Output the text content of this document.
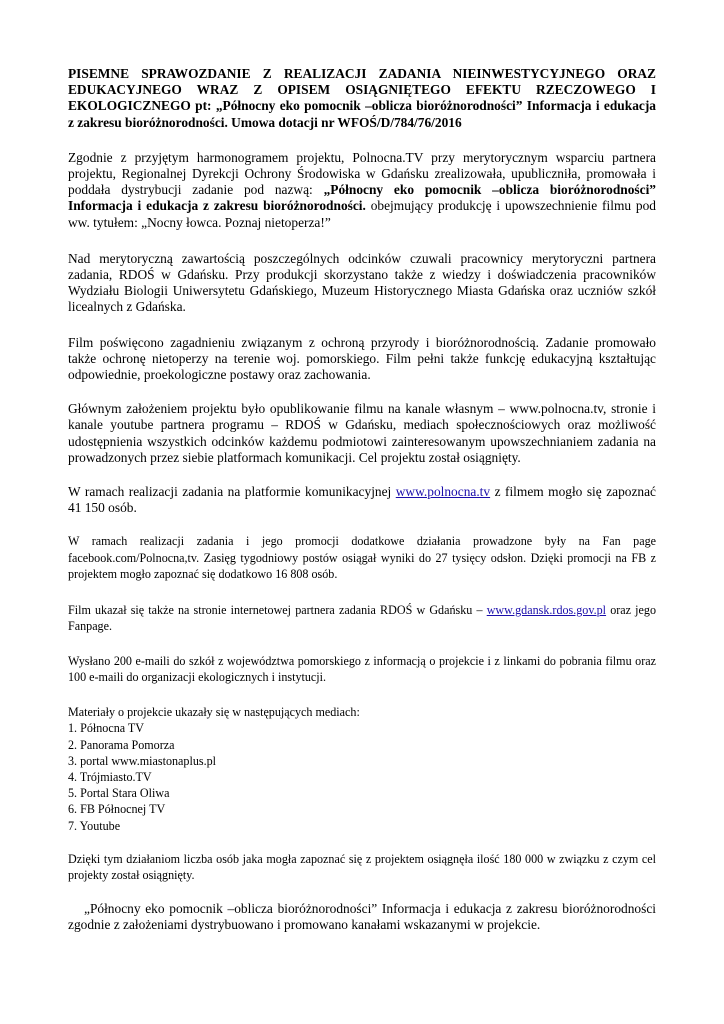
PISEMNE SPRAWOZDANIE Z REALIZACJI ZADANIA NIEINWESTYCYJNEGO ORAZ EDUKACYJNEGO WRAZ Z OPISEM OSIĄGNIĘTEGO EFEKTU RZECZOWEGO I EKOLOGICZNEGO pt: „Północny eko pomocnik –oblicza bioróżnorodności” Informacja i edukacja z zakresu bioróżnorodności. Umowa dotacji nr WFOŚ/D/784/76/2016

Zgodnie z przyjętym harmonogramem projektu, Polnocna.TV przy merytorycznym wsparciu partnera projektu, Regionalnej Dyrekcji Ochrony Środowiska w Gdańsku zrealizowała, upubliczniła, promowała i poddała dystrybucji zadanie pod nazwą: „Północny eko pomocnik –oblicza bioróżnorodności” Informacja i edukacja z zakresu bioróżnorodności. obejmujący produkcję i upowszechnienie filmu pod ww. tytułem: „Nocny łowca. Poznaj nietoperza!”

Nad merytoryczną zawartością poszczególnych odcinków czuwali pracownicy merytoryczni partnera zadania, RDOŚ w Gdańsku. Przy produkcji skorzystano także z wiedzy i doświadczenia pracowników Wydziału Biologii Uniwersytetu Gdańskiego, Muzeum Historycznego Miasta Gdańska oraz uczniów szkół licealnych z Gdańska.

Film poświęcono zagadnieniu związanym z ochroną przyrody i bioróżnorodnością. Zadanie promowało także ochronę nietoperzy na terenie woj. pomorskiego. Film pełni także funkcję edukacyjną kształtując odpowiednie, proekologiczne postawy oraz zachowania.

Głównym założeniem projektu było opublikowanie filmu na kanale własnym – www.polnocna.tv, stronie i kanale youtube partnera programu – RDOŚ w Gdańsku, mediach społecznościowych oraz możliwość udostępnienia wszystkich odcinków każdemu podmiotowi zainteresowanym upowszechnianiem zadania na prowadzonych przez siebie platformach komunikacji. Cel projektu został osiągnięty.

W ramach realizacji zadania na platformie komunikacyjnej www.polnocna.tv z filmem mogło się zapoznać 41 150 osób.

W ramach realizacji zadania i jego promocji dodatkowe działania prowadzone były na Fan page facebook.com/Polnocna,tv. Zasięg tygodniowy postów osiągał wyniki do 27 tysięcy odsłon. Dzięki promocji na FB z projektem mogło zapoznać się dodatkowo 16 808 osób.

Film ukazał się także na stronie internetowej partnera zadania RDOŚ w Gdańsku – www.gdansk.rdos.gov.pl oraz jego Fanpage.

Wysłano 200 e-maili do szkół z województwa pomorskiego z informacją o projekcie i z linkami do pobrania filmu oraz 100 e-maili do organizacji ekologicznych i instytucji.

Materiały o projekcie ukazały się w następujących mediach:

1. Północna TV
2. Panorama Pomorza
3. portal www.miastonaplus.pl
4. Trójmiasto.TV
5. Portal Stara Oliwa
6. FB Północnej TV
7. Youtube

Dzięki tym działaniom liczba osób jaka mogła zapoznać się z projektem osiągnęła ilość 180 000 w związku z czym cel projekty został osiągnięty.

„Północny eko pomocnik –oblicza bioróżnorodności” Informacja i edukacja z zakresu bioróżnorodności zgodnie z założeniami dystrybuowano i promowano kanałami wskazanymi w projekcie.
